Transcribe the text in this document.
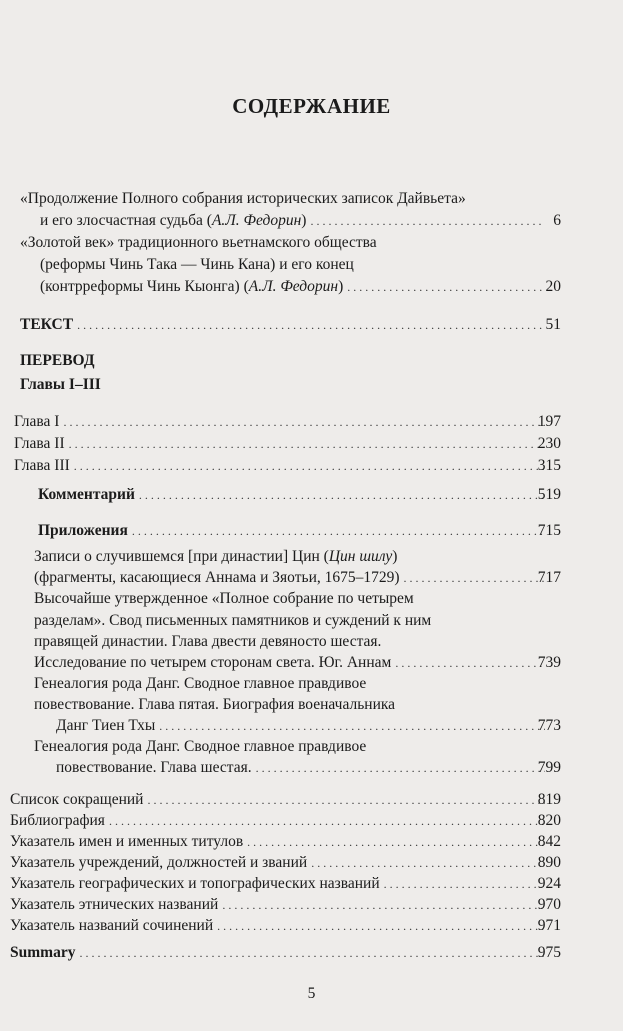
СОДЕРЖАНИЕ
«Продолжение Полного собрания исторических записок Дайвьета»
и его злосчастная судьба (А.Л. Федорин) . . .	6
«Золотой век» традиционного вьетнамского общества
(реформы Чинь Така — Чинь Кана) и его конец
(контрреформы Чинь Кыонга) (А.Л. Федорин) . . .	20
ТЕКСТ . . .	51
ПЕРЕВОД
Главы I–III
Глава I . . .	197
Глава II . . .	230
Глава III . . .	315
Комментарий . . .	519
Приложения . . .	715
Записи о случившемся [при династии] Цин (Цин шилу)
(фрагменты, касающиеся Аннама и Зяотьи, 1675–1729) . . .	717
Высочайше утвержденное «Полное собрание по четырем
разделам». Свод письменных памятников и суждений к ним
правящей династии. Глава двести девяносто шестая.
Исследование по четырем сторонам света. Юг. Аннам . . .	739
Генеалогия рода Данг. Сводное главное правдивое
повествование. Глава пятая. Биография военачальника
Данг Тиен Тхы . . .	773
Генеалогия рода Данг. Сводное главное правдивое
повествование. Глава шестая. . . .	799
Список сокращений . . .	819
Библиография . . .	820
Указатель имен и именных титулов . . .	842
Указатель учреждений, должностей и званий . . .	890
Указатель географических и топографических названий . . .	924
Указатель этнических названий . . .	970
Указатель названий сочинений . . .	971
Summary . . .	975
5
